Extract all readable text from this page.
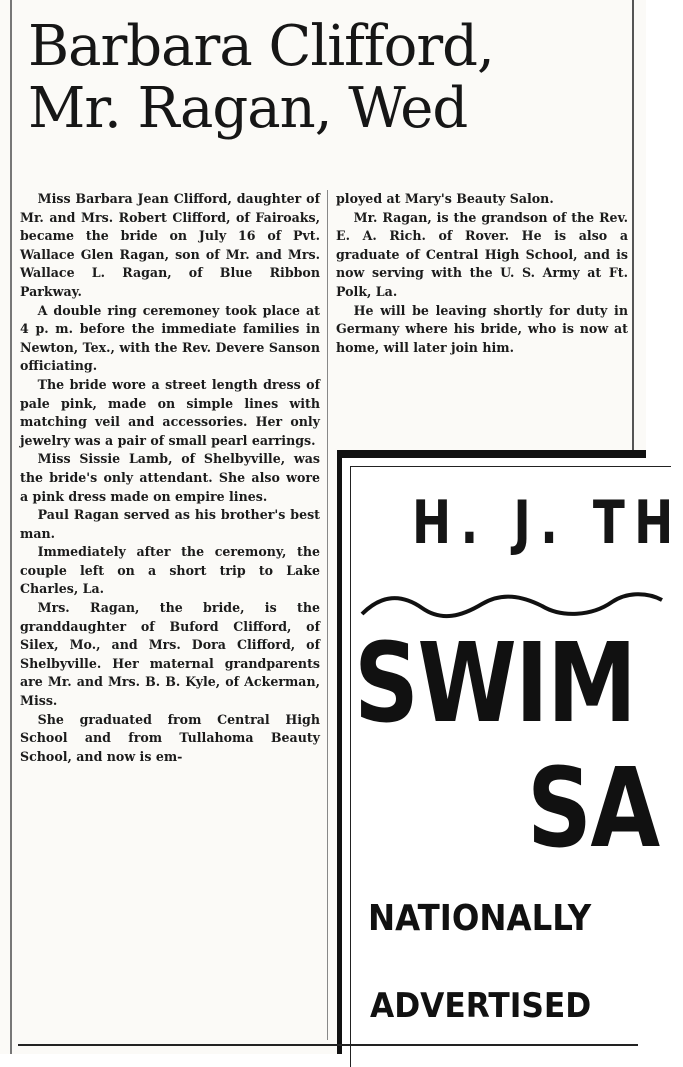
Barbara Clifford,
Mr. Ragan, Wed

Miss Barbara Jean Clifford, daughter of Mr. and Mrs. Robert Clifford, of Fairoaks, became the bride on July 16 of Pvt. Wallace Glen Ragan, son of Mr. and Mrs. Wallace L. Ragan, of Blue Ribbon Parkway.

A double ring ceremoney took place at 4 p. m. before the immediate families in Newton, Tex., with the Rev. Devere Sanson officiating.

The bride wore a street length dress of pale pink, made on simple lines with matching veil and accessories. Her only jewelry was a pair of small pearl earrings.

Miss Sissie Lamb, of Shelbyville, was the bride's only attendant. She also wore a pink dress made on empire lines.

Paul Ragan served as his brother's best man.

Immediately after the ceremony, the couple left on a short trip to Lake Charles, La.

Mrs. Ragan, the bride, is the granddaughter of Buford Clifford, of Silex, Mo., and Mrs. Dora Clifford, of Shelbyville. Her maternal grandparents are Mr. and Mrs. B. B. Kyle, of Ackerman, Miss.

She graduated from Central High School and from Tullahoma Beauty School, and now is em-

ployed at Mary's Beauty Salon.

Mr. Ragan, is the grandson of the Rev. E. A. Rich. of Rover. He is also a graduate of Central High School, and is now serving with the U. S. Army at Ft. Polk, La.

He will be leaving shortly for duty in Germany where his bride, who is now at home, will later join him.

H. J. TH
SWIM
SA
NATIONALLY
ADVERTISED
